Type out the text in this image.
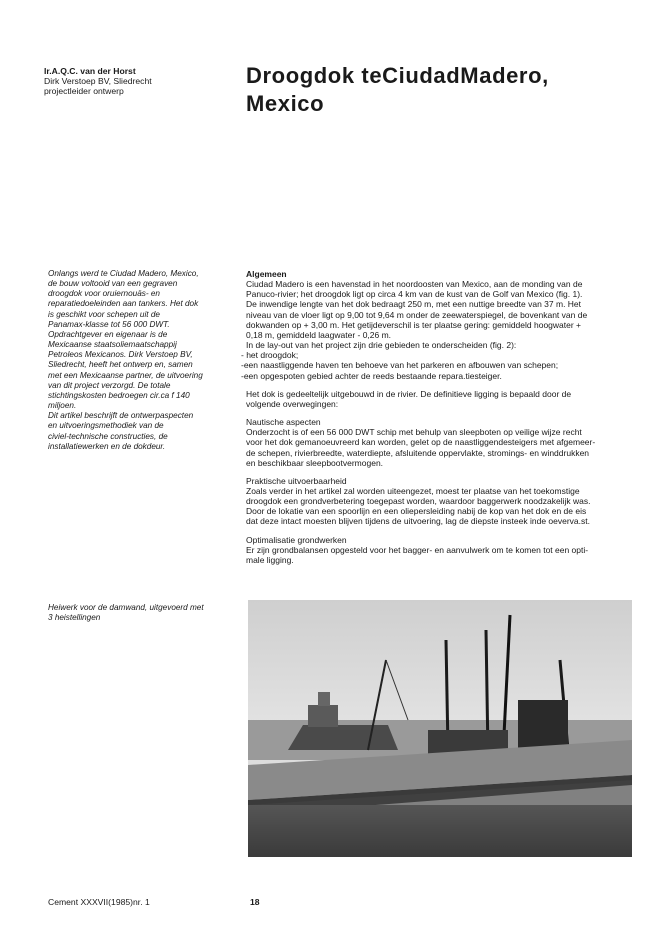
Ir.A.Q.C. van der Horst
Dirk Verstoep BV, Sliedrecht
projectleider ontwerp
Droogdok teCiudadMadero,
Mexico

Onlangs werd te Ciudad Madero, Mexico,

de bouw voltooid van een gegraven

droogdok voor oruiernouäs- en

reparatiedoeleinden aan tankers. Het dok

is geschikt voor schepen uit de

Panamax-klasse tot 56 000 DWT.

Opdrachtgever en eigenaar is de

Mexicaanse staatsoliemaatschappij

Petroleos Mexicanos. Dirk Verstoep BV,

Sliedrecht, heeft het ontwerp en, samen

met een Mexicaanse partner, de uitvoering

van dit project verzorgd. De totale

stichtingskosten bedroegen cir.ca f 140

miljoen.

Dit artikel beschrijft de ontwerpaspecten

en uitvoeringsmethodiek van de

civiel-technische constructies, de

installatiewerken en de dokdeur.

Heiwerk voor de damwand, uitgevoerd met
3 heistellingen

Algemeen

Ciudad Madero is een havenstad in het noordoosten van Mexico, aan de monding van de

Panuco-rivier; het droogdok ligt op circa 4 km van de kust van de Golf van Mexico (fig. 1).

De inwendige lengte van het dok bedraagt 250 m, met een nuttige breedte van 37 m. Het

niveau van de vloer ligt op 9,00 tot 9,64 m onder de zeewaterspiegel, de bovenkant van de

dokwanden op + 3,00 m. Het getijdeverschil is ter plaatse gering: gemiddeld hoogwater +

0,18 m, gemiddeld laagwater - 0,26 m.

In de lay-out van het project zijn drie gebieden te onderscheiden (fig. 2):

- het droogdok;

-een naastliggende haven ten behoeve van het parkeren en afbouwen van schepen;

-een opgespoten gebied achter de reeds bestaande repara.tiesteiger.

Het dok is gedeeltelijk uitgebouwd in de rivier. De definitieve ligging is bepaald door de

volgende overwegingen:

Nautische aspecten

Onderzocht is of een 56 000 DWT schip met behulp van sleepboten op veilige wijze recht

voor het dok gemanoeuvreerd kan worden, gelet op de naastliggendesteigers met afgemeer-

de schepen, rivierbreedte, waterdiepte, afsluitende oppervlakte, stromings- en winddrukken

en beschikbaar sleepbootvermogen.

Praktische uitvoerbaarheid

Zoals verder in het artikel zal worden uiteengezet, moest ter plaatse van het toekomstige

droogdok een grondverbetering toegepast worden, waardoor baggerwerk noodzakelijk was.

Door de lokatie van een spoorlijn en een oliepersleiding nabij de kop van het dok en de eis

dat deze intact moesten blijven tijdens de uitvoering, lag de diepste insteek inde oeverva.st.

Optimalisatie grondwerken

Er zijn grondbalansen opgesteld voor het bagger- en aanvulwerk om te komen tot een opti-

male ligging.

Cement XXXVII(1985)nr. 1	18
